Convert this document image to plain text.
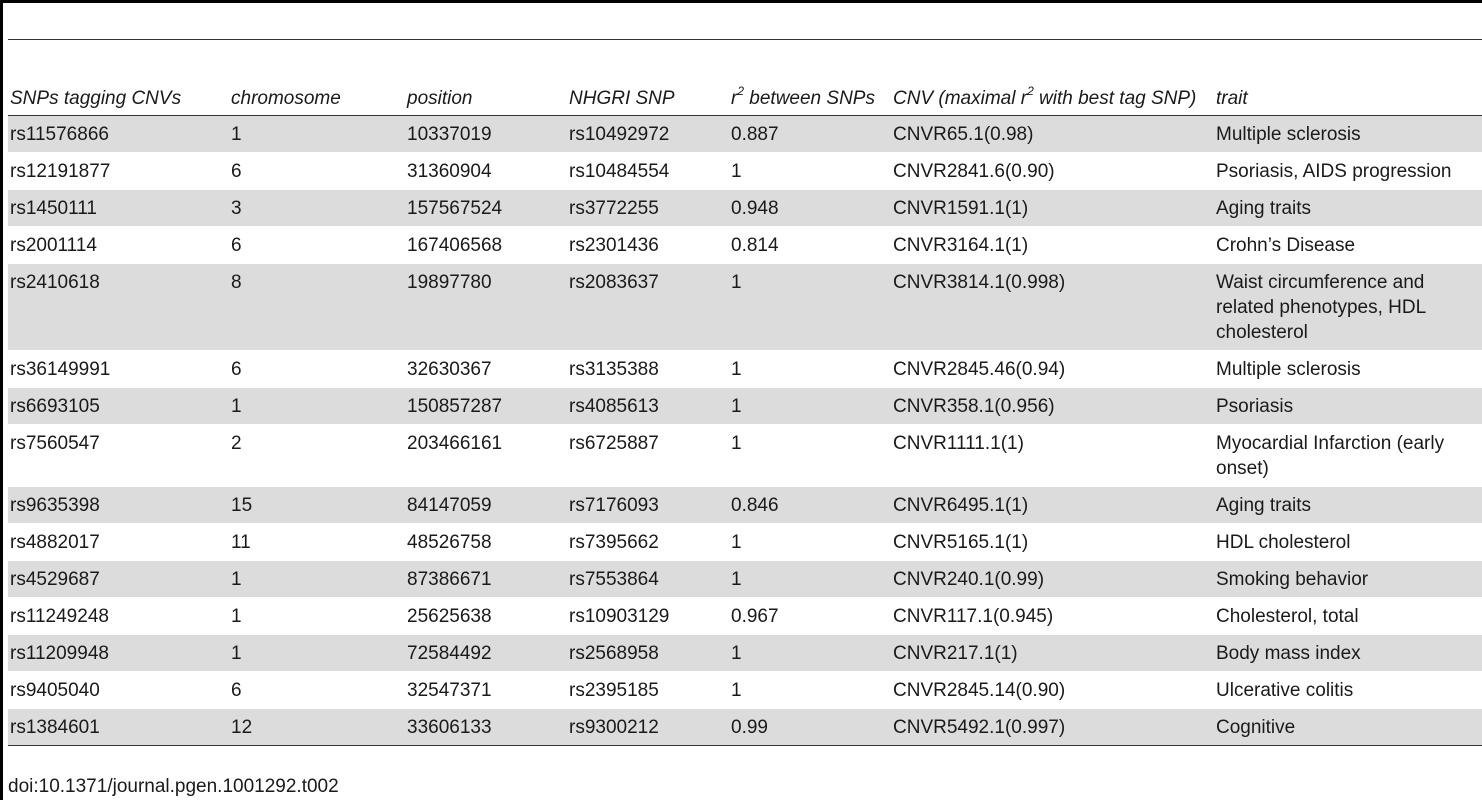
SNPs tagging CNVs	chromosome	position	NHGRI SNP	$r^2$ between SNPs	CNV (maximal $r^2$ with best tag SNP)	trait
rs11576866	1	10337019	rs10492972	0.887	CNVR65.1(0.98)	Multiple sclerosis
rs12191877	6	31360904	rs10484554	1	CNVR2841.6(0.90)	Psoriasis, AIDS progression
rs1450111	3	157567524	rs3772255	0.948	CNVR1591.1(1)	Aging traits
rs2001114	6	167406568	rs2301436	0.814	CNVR3164.1(1)	Crohn’s Disease
rs2410618	8	19897780	rs2083637	1	CNVR3814.1(0.998)	Waist circumference and related phenotypes, HDL cholesterol
rs36149991	6	32630367	rs3135388	1	CNVR2845.46(0.94)	Multiple sclerosis
rs6693105	1	150857287	rs4085613	1	CNVR358.1(0.956)	Psoriasis
rs7560547	2	203466161	rs6725887	1	CNVR1111.1(1)	Myocardial Infarction (early onset)
rs9635398	15	84147059	rs7176093	0.846	CNVR6495.1(1)	Aging traits
rs4882017	11	48526758	rs7395662	1	CNVR5165.1(1)	HDL cholesterol
rs4529687	1	87386671	rs7553864	1	CNVR240.1(0.99)	Smoking behavior
rs11249248	1	25625638	rs10903129	0.967	CNVR117.1(0.945)	Cholesterol, total
rs11209948	1	72584492	rs2568958	1	CNVR217.1(1)	Body mass index
rs9405040	6	32547371	rs2395185	1	CNVR2845.14(0.90)	Ulcerative colitis
rs1384601	12	33606133	rs9300212	0.99	CNVR5492.1(0.997)	Cognitive
doi:10.1371/journal.pgen.1001292.t002
